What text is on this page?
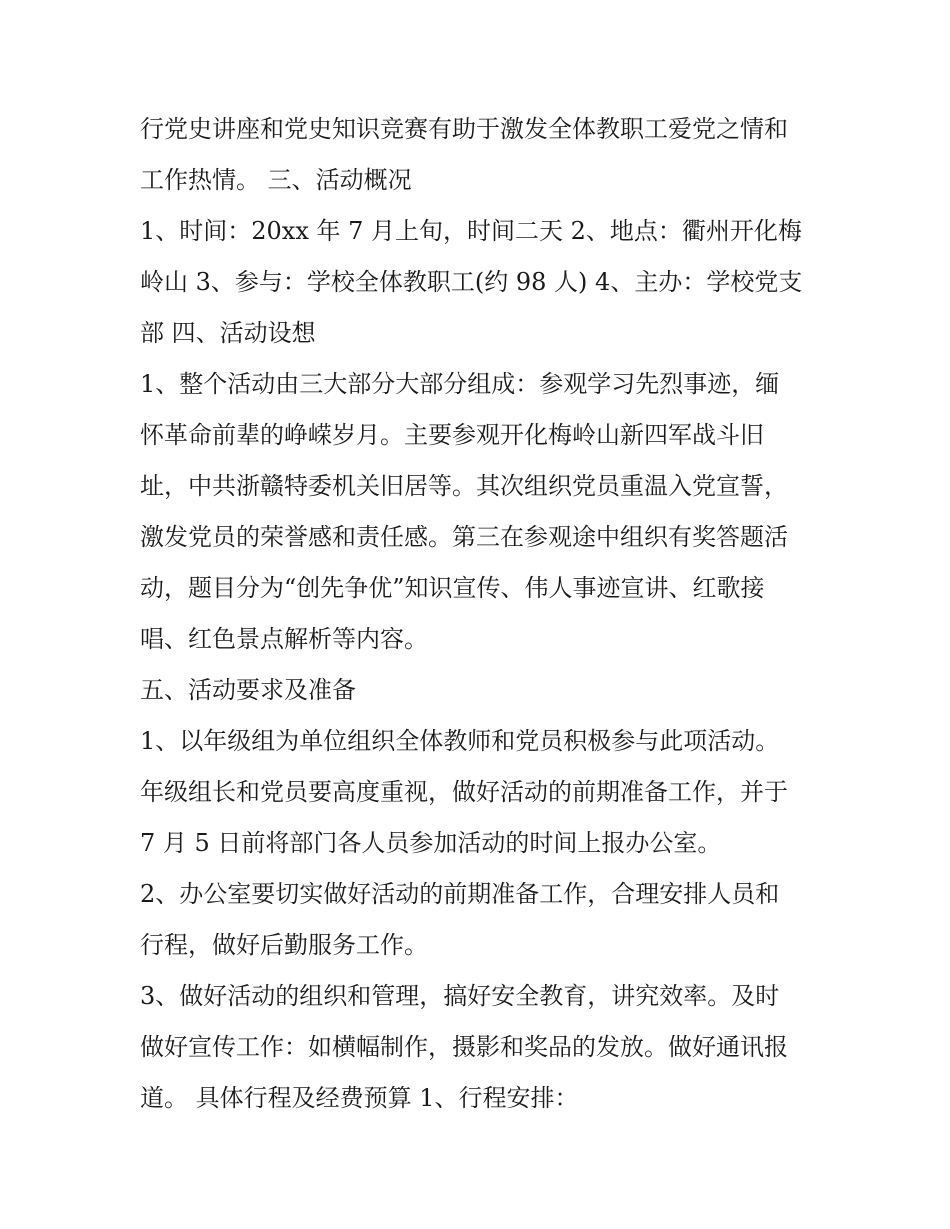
行党史讲座和党史知识竞赛有助于激发全体教职工爱党之情和
工作热情。 三、活动概况
1、时间：20xx 年 7 月上旬，时间二天 2、地点：衢州开化梅
岭山 3、参与：学校全体教职工(约 98 人) 4、主办：学校党支
部 四、活动设想
1、整个活动由三大部分大部分组成：参观学习先烈事迹，缅
怀革命前辈的峥嵘岁月。主要参观开化梅岭山新四军战斗旧
址，中共浙赣特委机关旧居等。其次组织党员重温入党宣誓，
激发党员的荣誉感和责任感。第三在参观途中组织有奖答题活
动，题目分为“创先争优”知识宣传、伟人事迹宣讲、红歌接
唱、红色景点解析等内容。
五、活动要求及准备
1、以年级组为单位组织全体教师和党员积极参与此项活动。
年级组长和党员要高度重视，做好活动的前期准备工作，并于
7 月 5 日前将部门各人员参加活动的时间上报办公室。
2、办公室要切实做好活动的前期准备工作，合理安排人员和
行程，做好后勤服务工作。
3、做好活动的组织和管理，搞好安全教育，讲究效率。及时
做好宣传工作：如横幅制作，摄影和奖品的发放。做好通讯报
道。 具体行程及经费预算 1、行程安排：
